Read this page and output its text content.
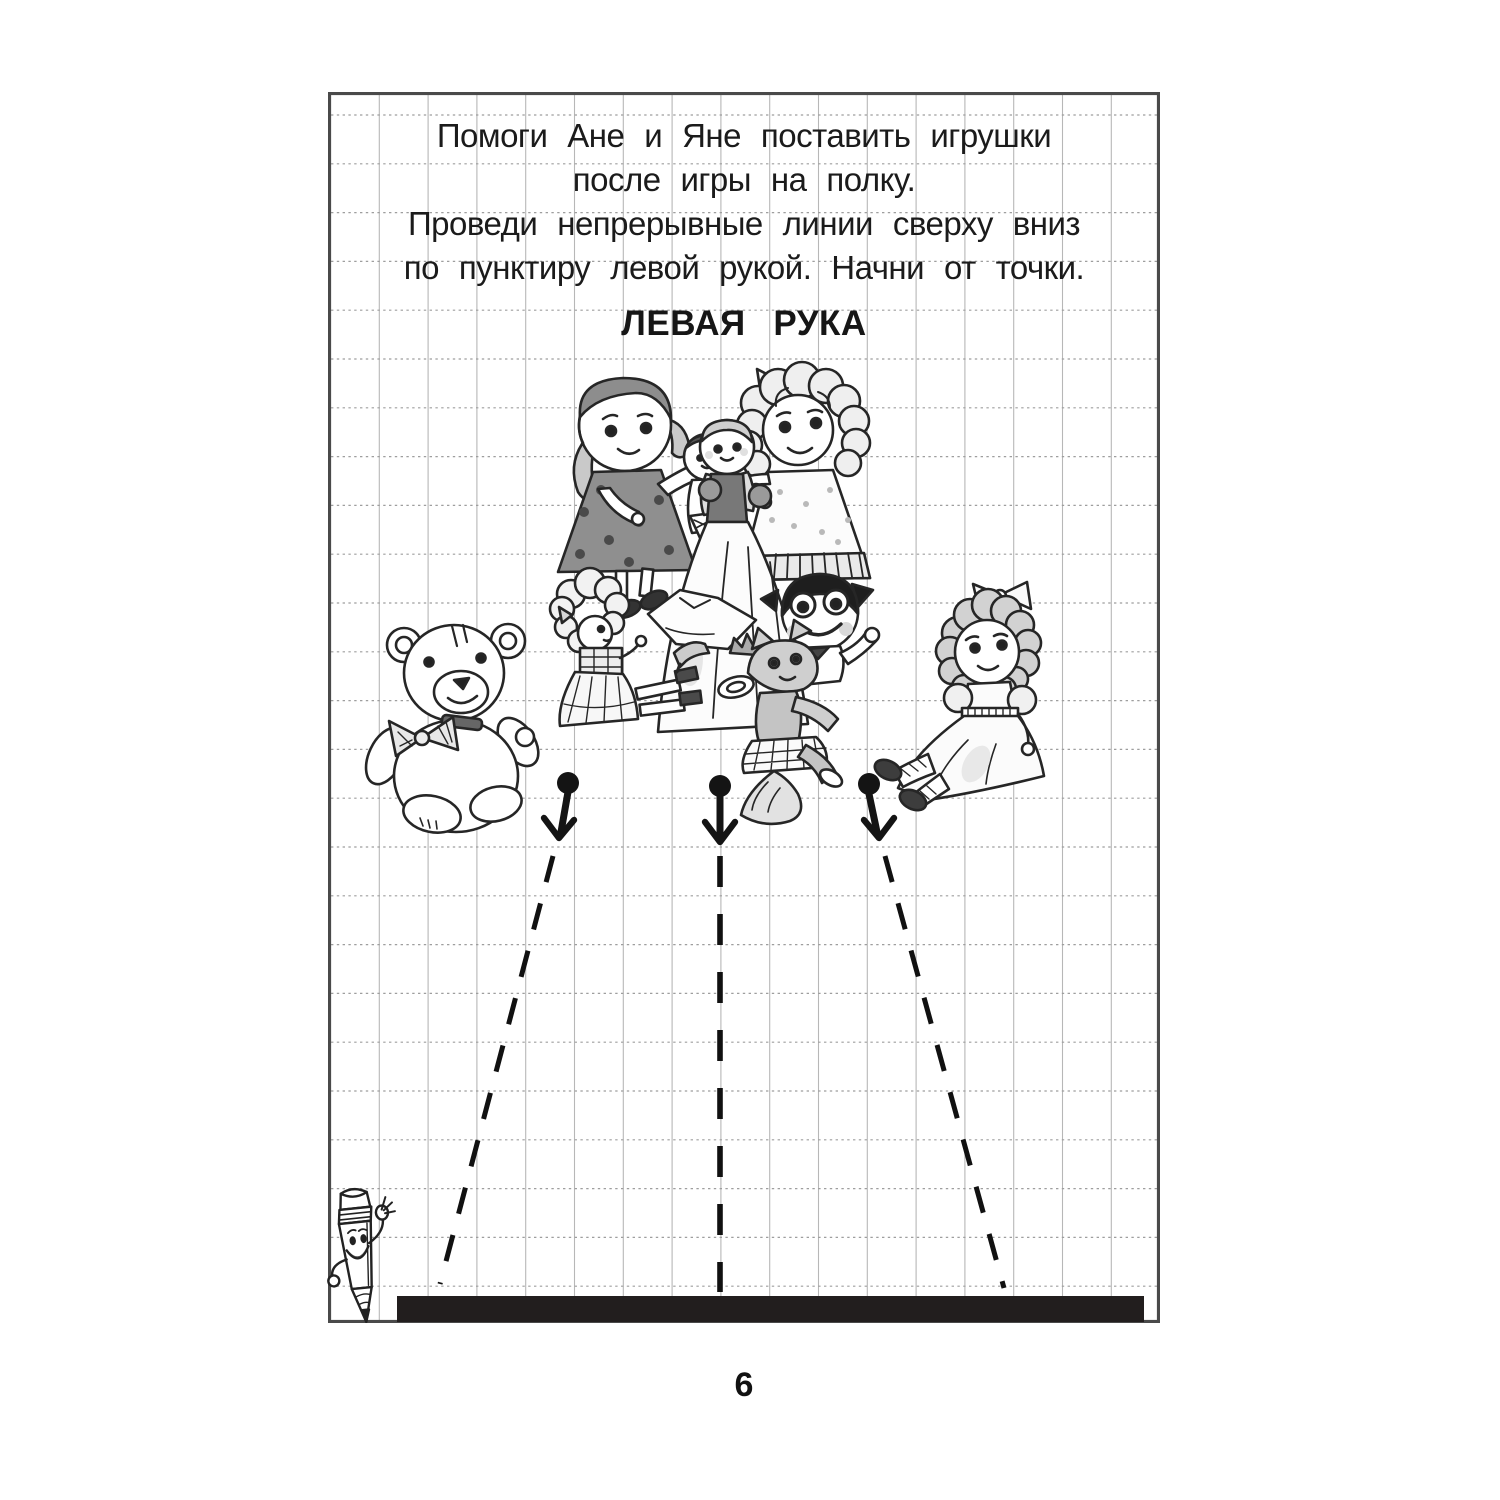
Помоги Ане и Яне поставить игрушки
после игры на полку.
Проведи непрерывные линии сверху вниз
по пунктиру левой рукой. Начни от точки.
ЛЕВАЯ РУКА
6
